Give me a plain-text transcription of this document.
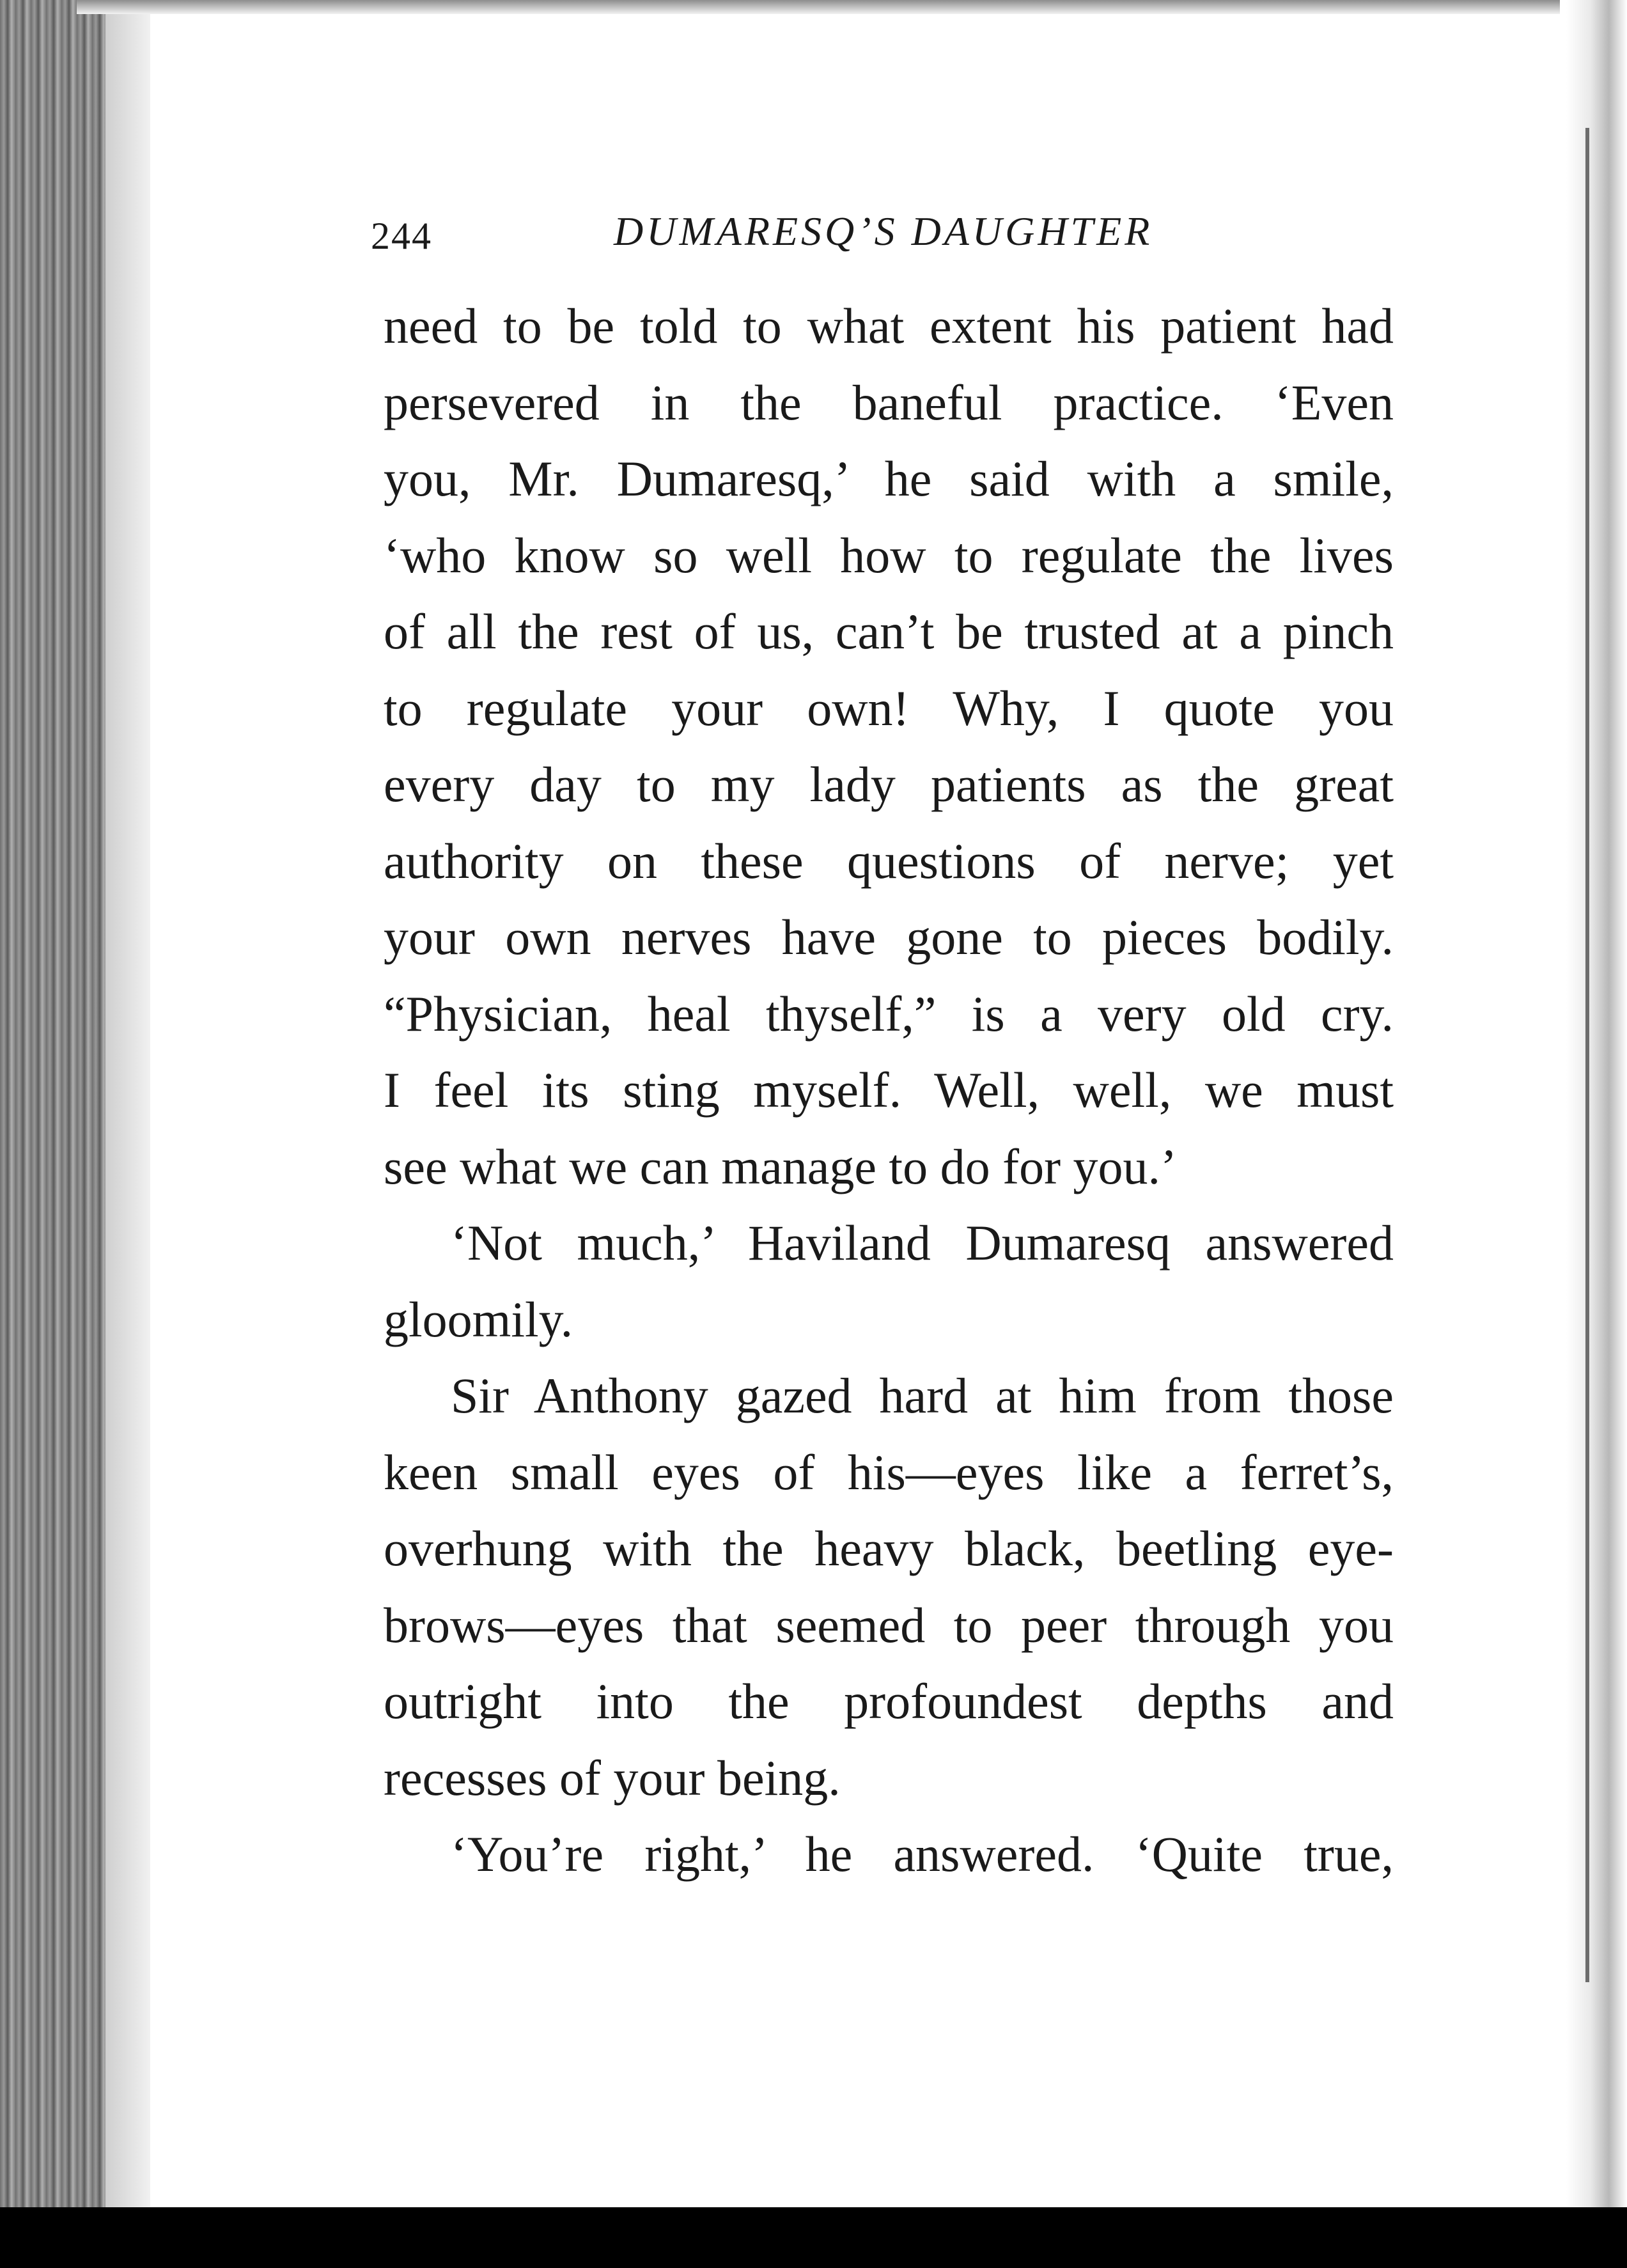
244	DUMARESQ’S DAUGHTER
need to be told to what extent his patient had
persevered in the baneful practice. ‘Even
you, Mr. Dumaresq,’ he said with a smile,
‘who know so well how to regulate the lives
of all the rest of us, can’t be trusted at a pinch
to regulate your own! Why, I quote you
every day to my lady patients as the great
authority on these questions of nerve; yet
your own nerves have gone to pieces bodily.
“Physician, heal thyself,” is a very old cry.
I feel its sting myself. Well, well, we must
see what we can manage to do for you.’
‘Not much,’ Haviland Dumaresq answered
gloomily.
Sir Anthony gazed hard at him from those
keen small eyes of his—eyes like a ferret’s,
overhung with the heavy black, beetling eye-
brows—eyes that seemed to peer through you
outright into the profoundest depths and
recesses of your being.
‘You’re right,’ he answered. ‘Quite true,
